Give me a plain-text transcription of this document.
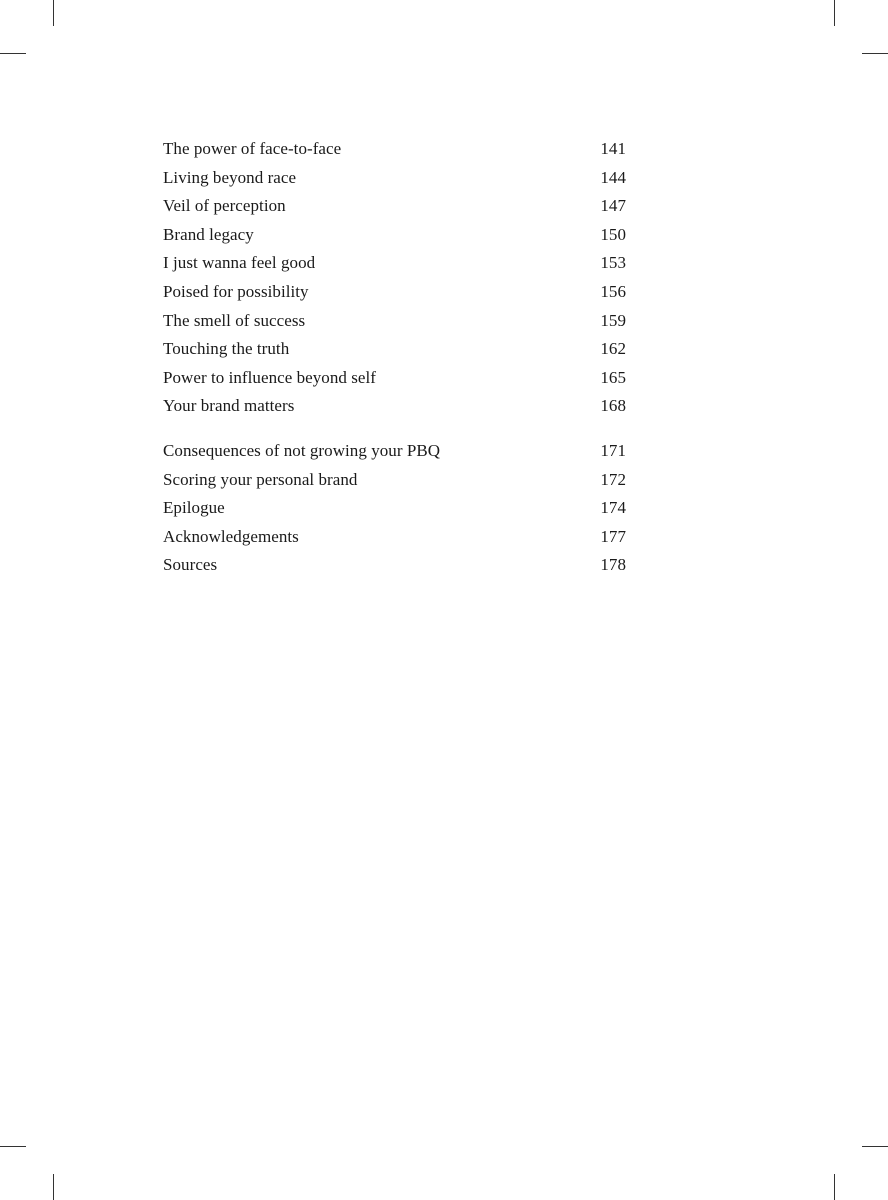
The power of face-to-face	141
Living beyond race	144
Veil of perception	147
Brand legacy	150
I just wanna feel good	153
Poised for possibility	156
The smell of success	159
Touching the truth	162
Power to influence beyond self	165
Your brand matters	168
Consequences of not growing your PBQ	171
Scoring your personal brand	172
Epilogue	174
Acknowledgements	177
Sources	178
